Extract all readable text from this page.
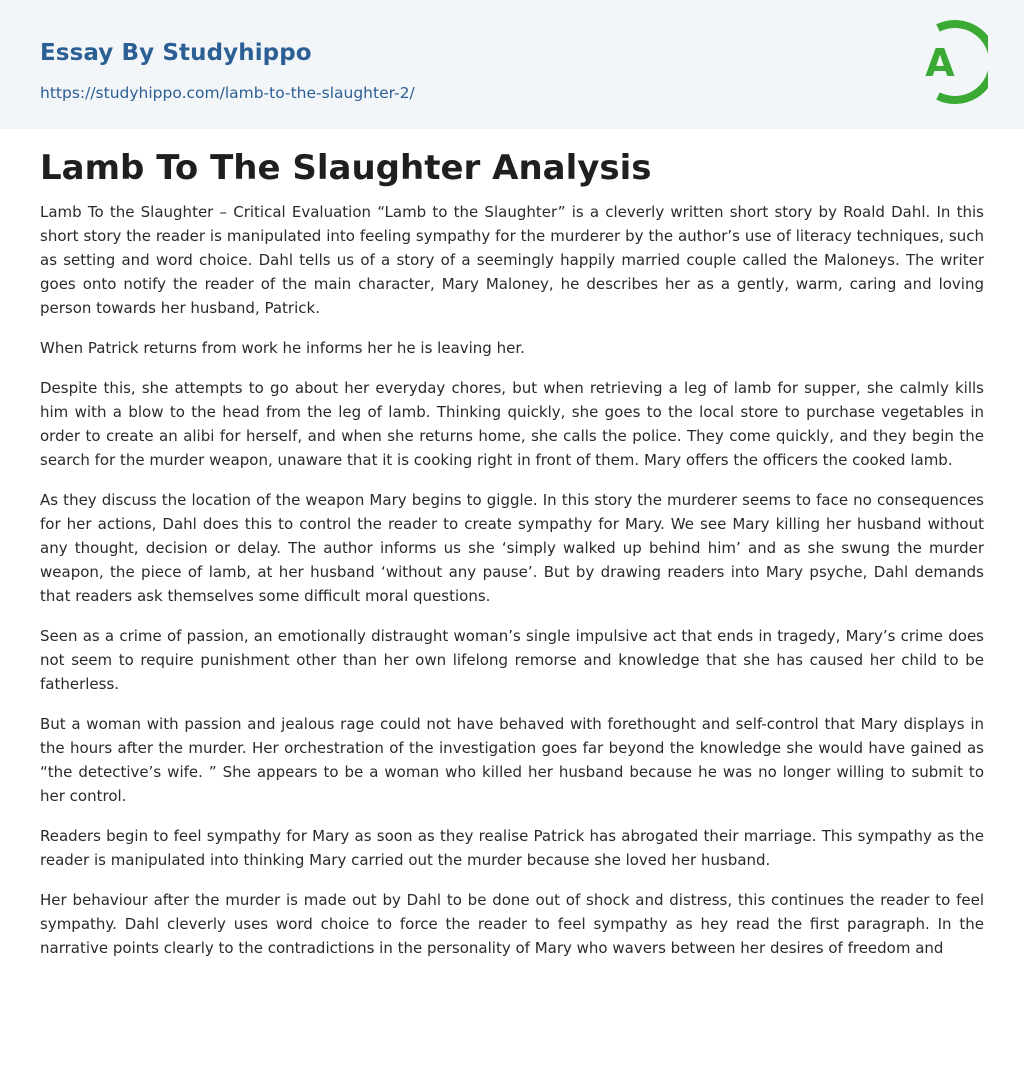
Essay By Studyhippo
https://studyhippo.com/lamb-to-the-slaughter-2/
A
Lamb To The Slaughter Analysis

Lamb To the Slaughter – Critical Evaluation “Lamb to the Slaughter” is a cleverly written short story by Roald Dahl. In this short story the reader is manipulated into feeling sympathy for the murderer by the author’s use of literacy techniques, such as setting and word choice. Dahl tells us of a story of a seemingly happily married couple called the Maloneys. The writer goes onto notify the reader of the main character, Mary Maloney, he describes her as a gently, warm, caring and loving person towards her husband, Patrick.

When Patrick returns from work he informs her he is leaving her.

Despite this, she attempts to go about her everyday chores, but when retrieving a leg of lamb for supper, she calmly kills him with a blow to the head from the leg of lamb. Thinking quickly, she goes to the local store to purchase vegetables in order to create an alibi for herself, and when she returns home, she calls the police. They come quickly, and they begin the search for the murder weapon, unaware that it is cooking right in front of them. Mary offers the officers the cooked lamb.

As they discuss the location of the weapon Mary begins to giggle. In this story the murderer seems to face no consequences for her actions, Dahl does this to control the reader to create sympathy for Mary. We see Mary killing her husband without any thought, decision or delay. The author informs us she ‘simply walked up behind him’ and as she swung the murder weapon, the piece of lamb, at her husband ‘without any pause’. But by drawing readers into Mary psyche, Dahl demands that readers ask themselves some difficult moral questions.

Seen as a crime of passion, an emotionally distraught woman’s single impulsive act that ends in tragedy, Mary’s crime does not seem to require punishment other than her own lifelong remorse and knowledge that she has caused her child to be fatherless.

But a woman with passion and jealous rage could not have behaved with forethought and self-control that Mary displays in the hours after the murder. Her orchestration of the investigation goes far beyond the knowledge she would have gained as “the detective’s wife. ” She appears to be a woman who killed her husband because he was no longer willing to submit to her control.

Readers begin to feel sympathy for Mary as soon as they realise Patrick has abrogated their marriage. This sympathy as the reader is manipulated into thinking Mary carried out the murder because she loved her husband.

Her behaviour after the murder is made out by Dahl to be done out of shock and distress, this continues the reader to feel sympathy. Dahl cleverly uses word choice to force the reader to feel sympathy as hey read the first paragraph. In the narrative points clearly to the contradictions in the personality of Mary who wavers between her desires of freedom and
